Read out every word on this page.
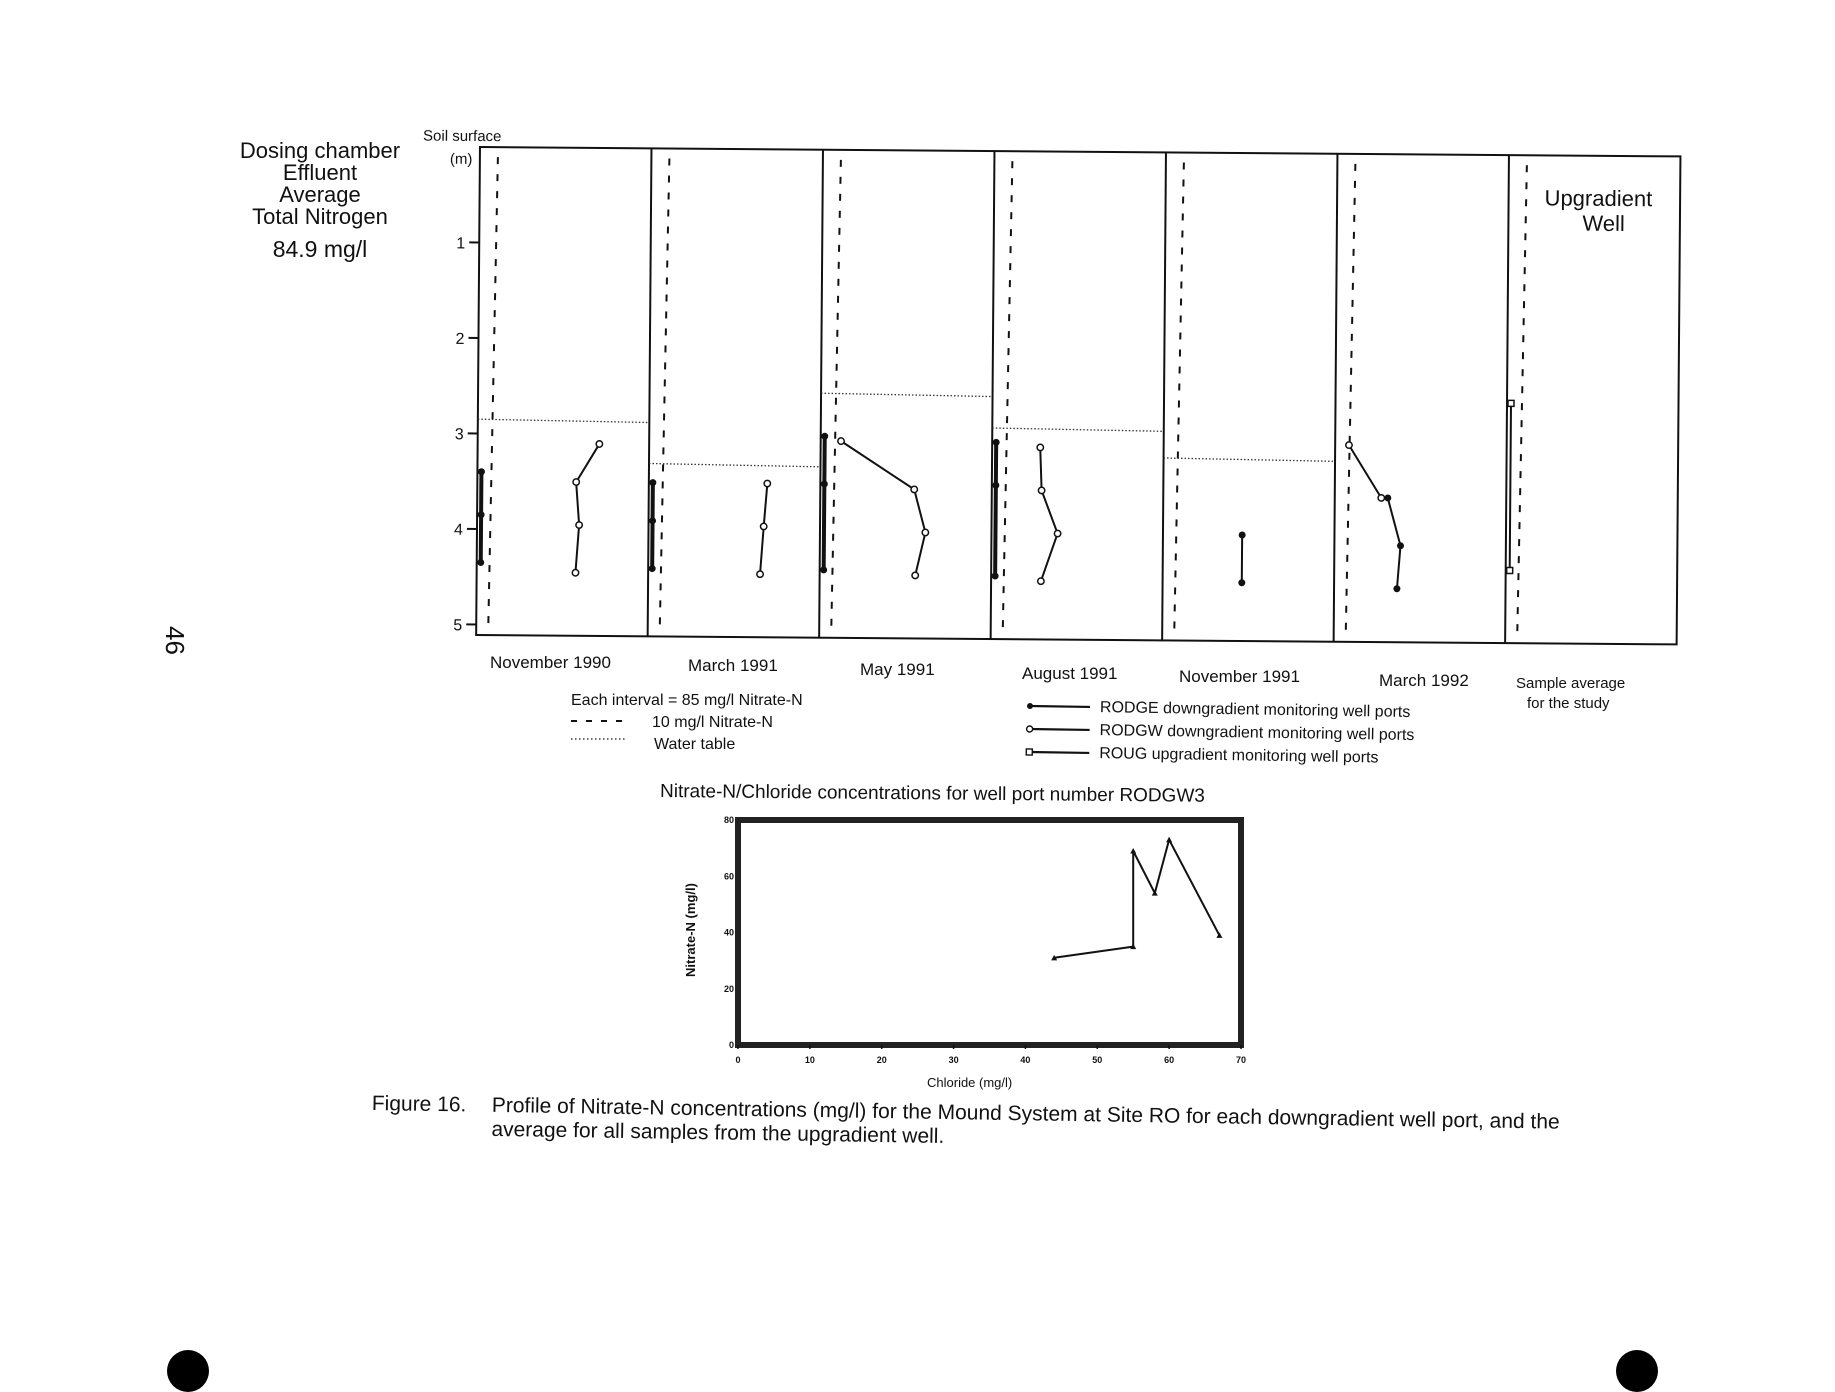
Dosing chamber
Effluent
Average
Total Nitrogen
84.9 mg/l
46
Soil surface
(m)
1
2
3
4
5
Upgradient
Well
November 1990	March 1991	May 1991	August 1991	November 1991	March 1992	Sample average
for the study
Each interval = 85 mg/l Nitrate-N
10 mg/l Nitrate-N
Water table
RODGE downgradient monitoring well ports
RODGW downgradient monitoring well ports
ROUG upgradient monitoring well ports
Nitrate-N/Chloride concentrations for well port number RODGW3
0	10	20	30	40	50	60	70
0
20
40
60
80
Chloride (mg/l)
Nitrate-N (mg/l)
Figure 16. Profile of Nitrate-N concentrations (mg/l) for the Mound System at Site RO for each downgradient well port, and the average for all samples from the upgradient well.
